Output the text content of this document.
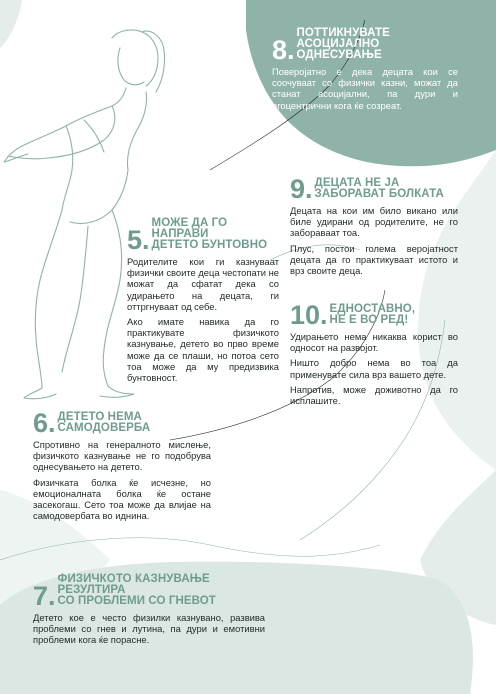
8.
ПОТТИКНУВАТЕ АСОЦИЈАЛНО
ОДНЕСУВАЊЕ

Поверојатно е дека децата кои се соочуваат со физички казни, можат да станат асоцијални, па дури и егоцентрични кога ќе созреат.

9. ДЕЦАТА НЕ ЈА
ЗАБОРАВАТ БОЛКАТА

Децата на кои им било викано или биле удирани од родителите, не го забораваат тоа.

Плус, постои голема веројатност децата да го практикуваат истото и врз своите деца.

5.
МОЖЕ ДА ГО НАПРАВИ
ДЕТЕТО БУНТОВНО

Родителите кои ги казнуваат физички своите деца честопати не можат да сфатат дека со удирањето на децата, ги оттргнуваат од себе.

Ако имате навика да го практикувате физичкото казнување, детето во прво време може да се плаши, но потоа сето тоа може да му предизвика бунтовност.

10. ЕДНОСТАВНО,
НЕ Е ВО РЕД!

Удирањето нема никаква корист во односот на развојот.

Ништо добро нема во тоа да применувате сила врз вашето дете.

Напротив, може доживотно да го исплашите.

6. ДЕТЕТО НЕМА
САМОДОВЕРБА

Спротивно на генералното мислење, физичкото казнување не го подобрува однесувањето на детето.

Физичката болка ќе исчезне, но емоционалната болка ќе остане засекогаш. Сето тоа може да влијае на самодовербата во иднина.

7.
ФИЗИЧКОТО КАЗНУВАЊЕ РЕЗУЛТИРА
СО ПРОБЛЕМИ СО ГНЕВОТ

Детето кое е често физилки казнувано, развива проблеми со гнев и лутина, па дури и емотивни проблеми кога ќе порасне.
